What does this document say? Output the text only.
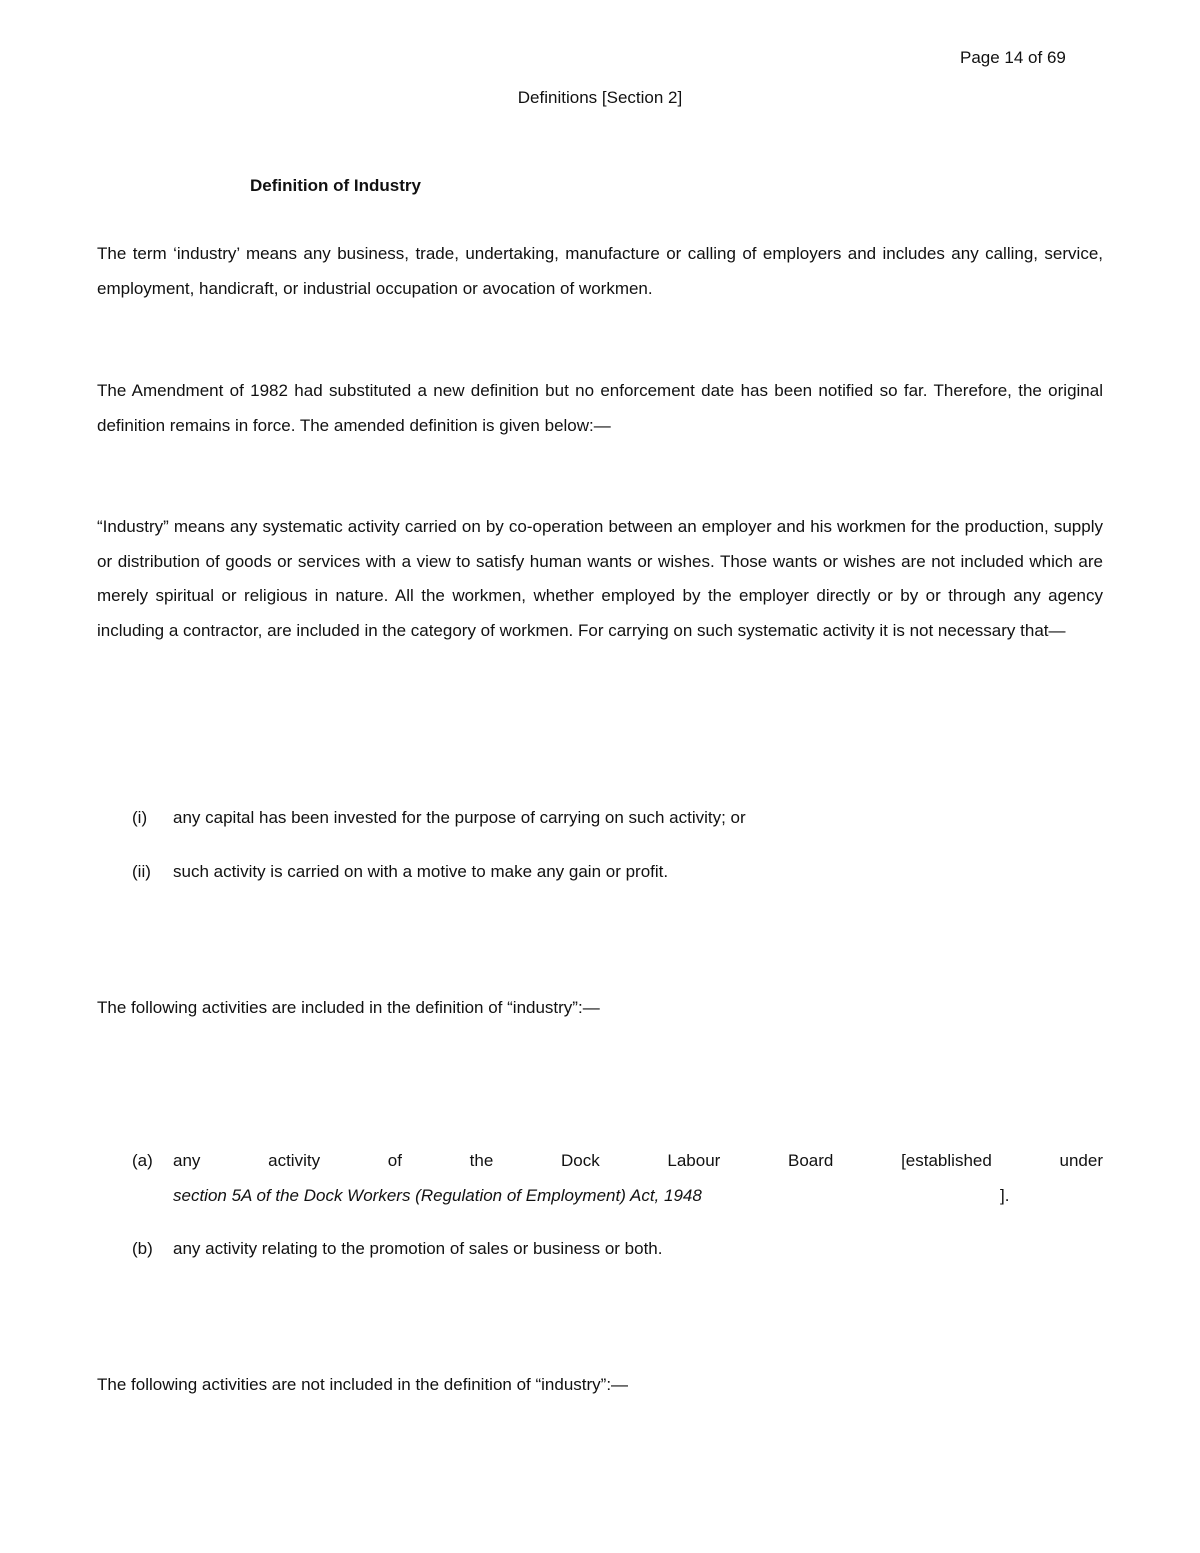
Page 14 of 69
Definitions [Section 2]
Definition of Industry
The term ‘industry’ means any business, trade, undertaking, manufacture or calling of employers and includes any calling, service, employment, handicraft, or industrial occupation or avocation of workmen.
The Amendment of 1982 had substituted a new definition but no enforcement date has been notified so far. Therefore, the original definition remains in force. The amended definition is given below:—
“Industry” means any systematic activity carried on by co-operation between an employer and his workmen for the production, supply or distribution of goods or services with a view to satisfy human wants or wishes. Those wants or wishes are not included which are merely spiritual or religious in nature. All the workmen, whether employed by the employer directly or by or through any agency including a contractor, are included in the category of workmen. For carrying on such systematic activity it is not necessary that—
(i)	any capital has been invested for the purpose of carrying on such activity; or
(ii)	such activity is carried on with a motive to make any gain or profit.
The following activities are included in the definition of “industry”:—
(a)	any	activity	of	the	Dock	Labour	Board	[established	under
section 5A of the Dock Workers (Regulation of Employment) Act, 1948	].
(b)	any activity relating to the promotion of sales or business or both.
The following activities are not included in the definition of “industry”:—
